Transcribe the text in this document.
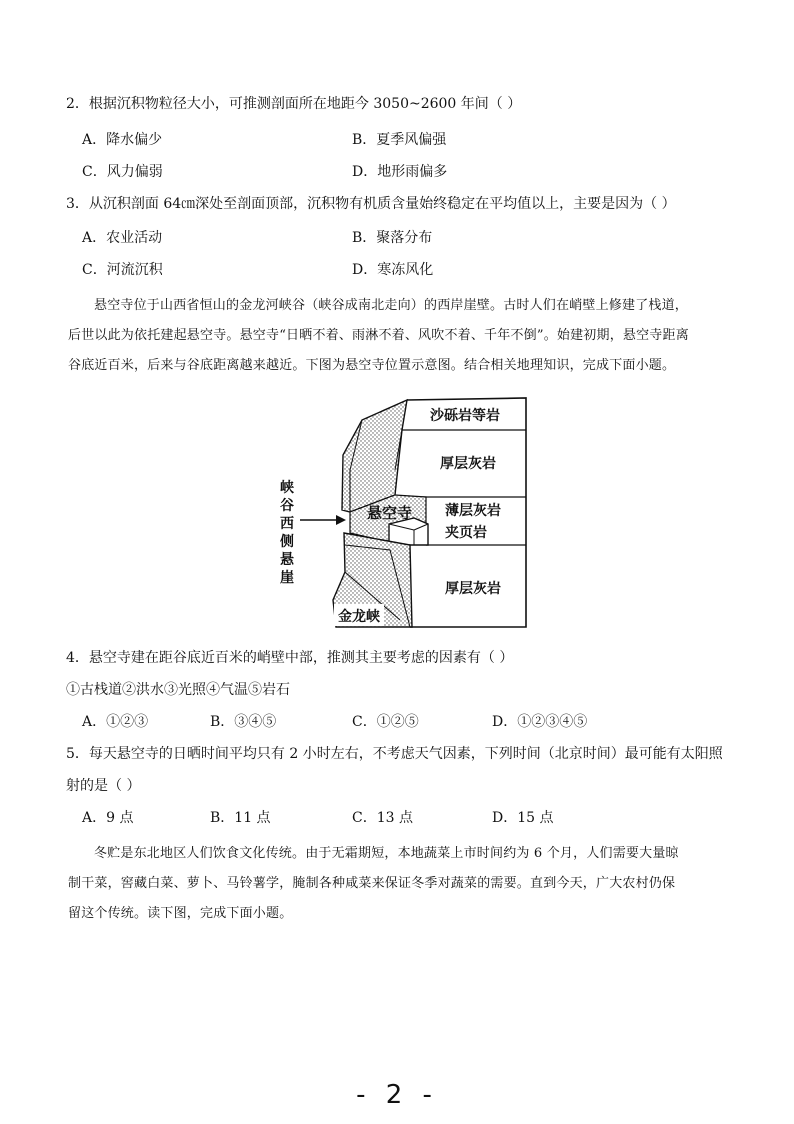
2．根据沉积物粒径大小，可推测剖面所在地距今 3050~2600 年间（ ）
A．降水偏少	B．夏季风偏强
C．风力偏弱	D．地形雨偏多
3．从沉积剖面 64㎝深处至剖面顶部，沉积物有机质含量始终稳定在平均值以上，主要是因为（ ）
A．农业活动	B．聚落分布
C．河流沉积	D．寒冻风化
悬空寺位于山西省恒山的金龙河峡谷（峡谷成南北走向）的西岸崖壁。古时人们在峭壁上修建了栈道，
后世以此为依托建起悬空寺。悬空寺“日晒不着、雨淋不着、风吹不着、千年不倒”。始建初期，悬空寺距离
谷底近百米，后来与谷底距离越来越近。下图为悬空寺位置示意图。结合相关地理知识，完成下面小题。
沙砾岩等岩
厚层灰岩
薄层灰岩
夹页岩
厚层灰岩
悬空寺
金龙峡
峡
谷
西
侧
悬
崖
4．悬空寺建在距谷底近百米的峭壁中部，推测其主要考虑的因素有（ ）
①古栈道②洪水③光照④气温⑤岩石
A．①②③	B．③④⑤	C．①②⑤	D．①②③④⑤
5．每天悬空寺的日晒时间平均只有 2 小时左右，不考虑天气因素，下列时间（北京时间）最可能有太阳照
射的是（ ）
A．9 点	B．11 点	C．13 点	D．15 点
冬贮是东北地区人们饮食文化传统。由于无霜期短，本地蔬菜上市时间约为 6 个月，人们需要大量晾
制干菜，窖藏白菜、萝卜、马铃薯学，腌制各种咸菜来保证冬季对蔬菜的需要。直到今天，广大农村仍保
留这个传统。读下图，完成下面小题。
- 2 -
